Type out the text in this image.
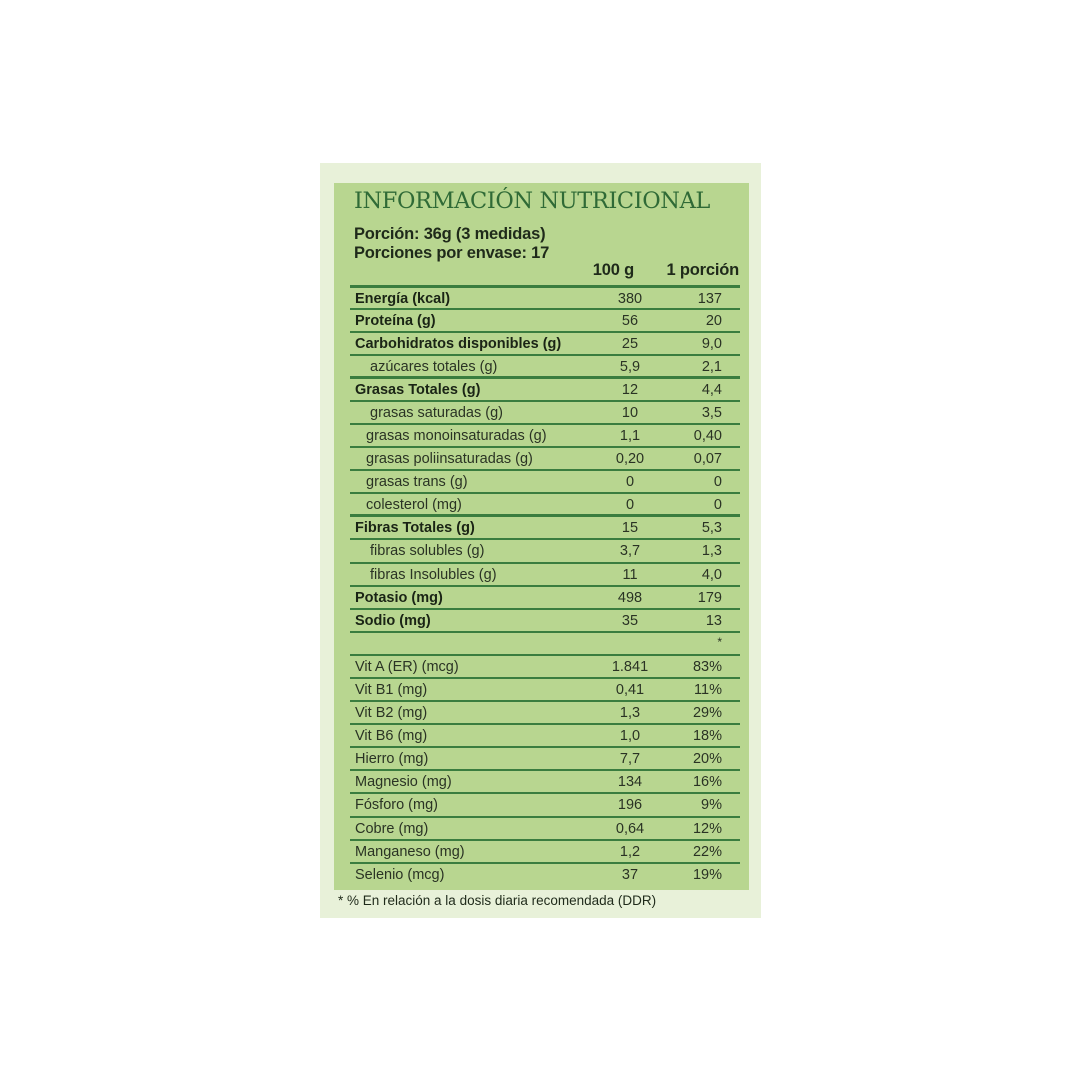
INFORMACIÓN NUTRICIONAL
Porción: 36g (3 medidas)
Porciones por envase: 17
100 g	1 porción
Energía (kcal)	380	137
Proteína (g)	56	20
Carbohidratos disponibles (g)	25	9,0
azúcares totales (g)	5,9	2,1
Grasas Totales (g)	12	4,4
grasas saturadas (g)	10	3,5
grasas monoinsaturadas (g)	1,1	0,40
grasas poliinsaturadas (g)	0,20	0,07
grasas trans (g)	0	0
colesterol (mg)	0	0
Fibras Totales (g)	15	5,3
fibras solubles (g)	3,7	1,3
fibras Insolubles (g)	11	4,0
Potasio (mg)	498	179
Sodio (mg)	35	13
*
Vit A (ER) (mcg)	1.841	83%
Vit B1 (mg)	0,41	11%
Vit B2 (mg)	1,3	29%
Vit B6 (mg)	1,0	18%
Hierro (mg)	7,7	20%
Magnesio (mg)	134	16%
Fósforo (mg)	196	9%
Cobre (mg)	0,64	12%
Manganeso (mg)	1,2	22%
Selenio (mcg)	37	19%
* % En relación a la dosis diaria recomendada (DDR)
